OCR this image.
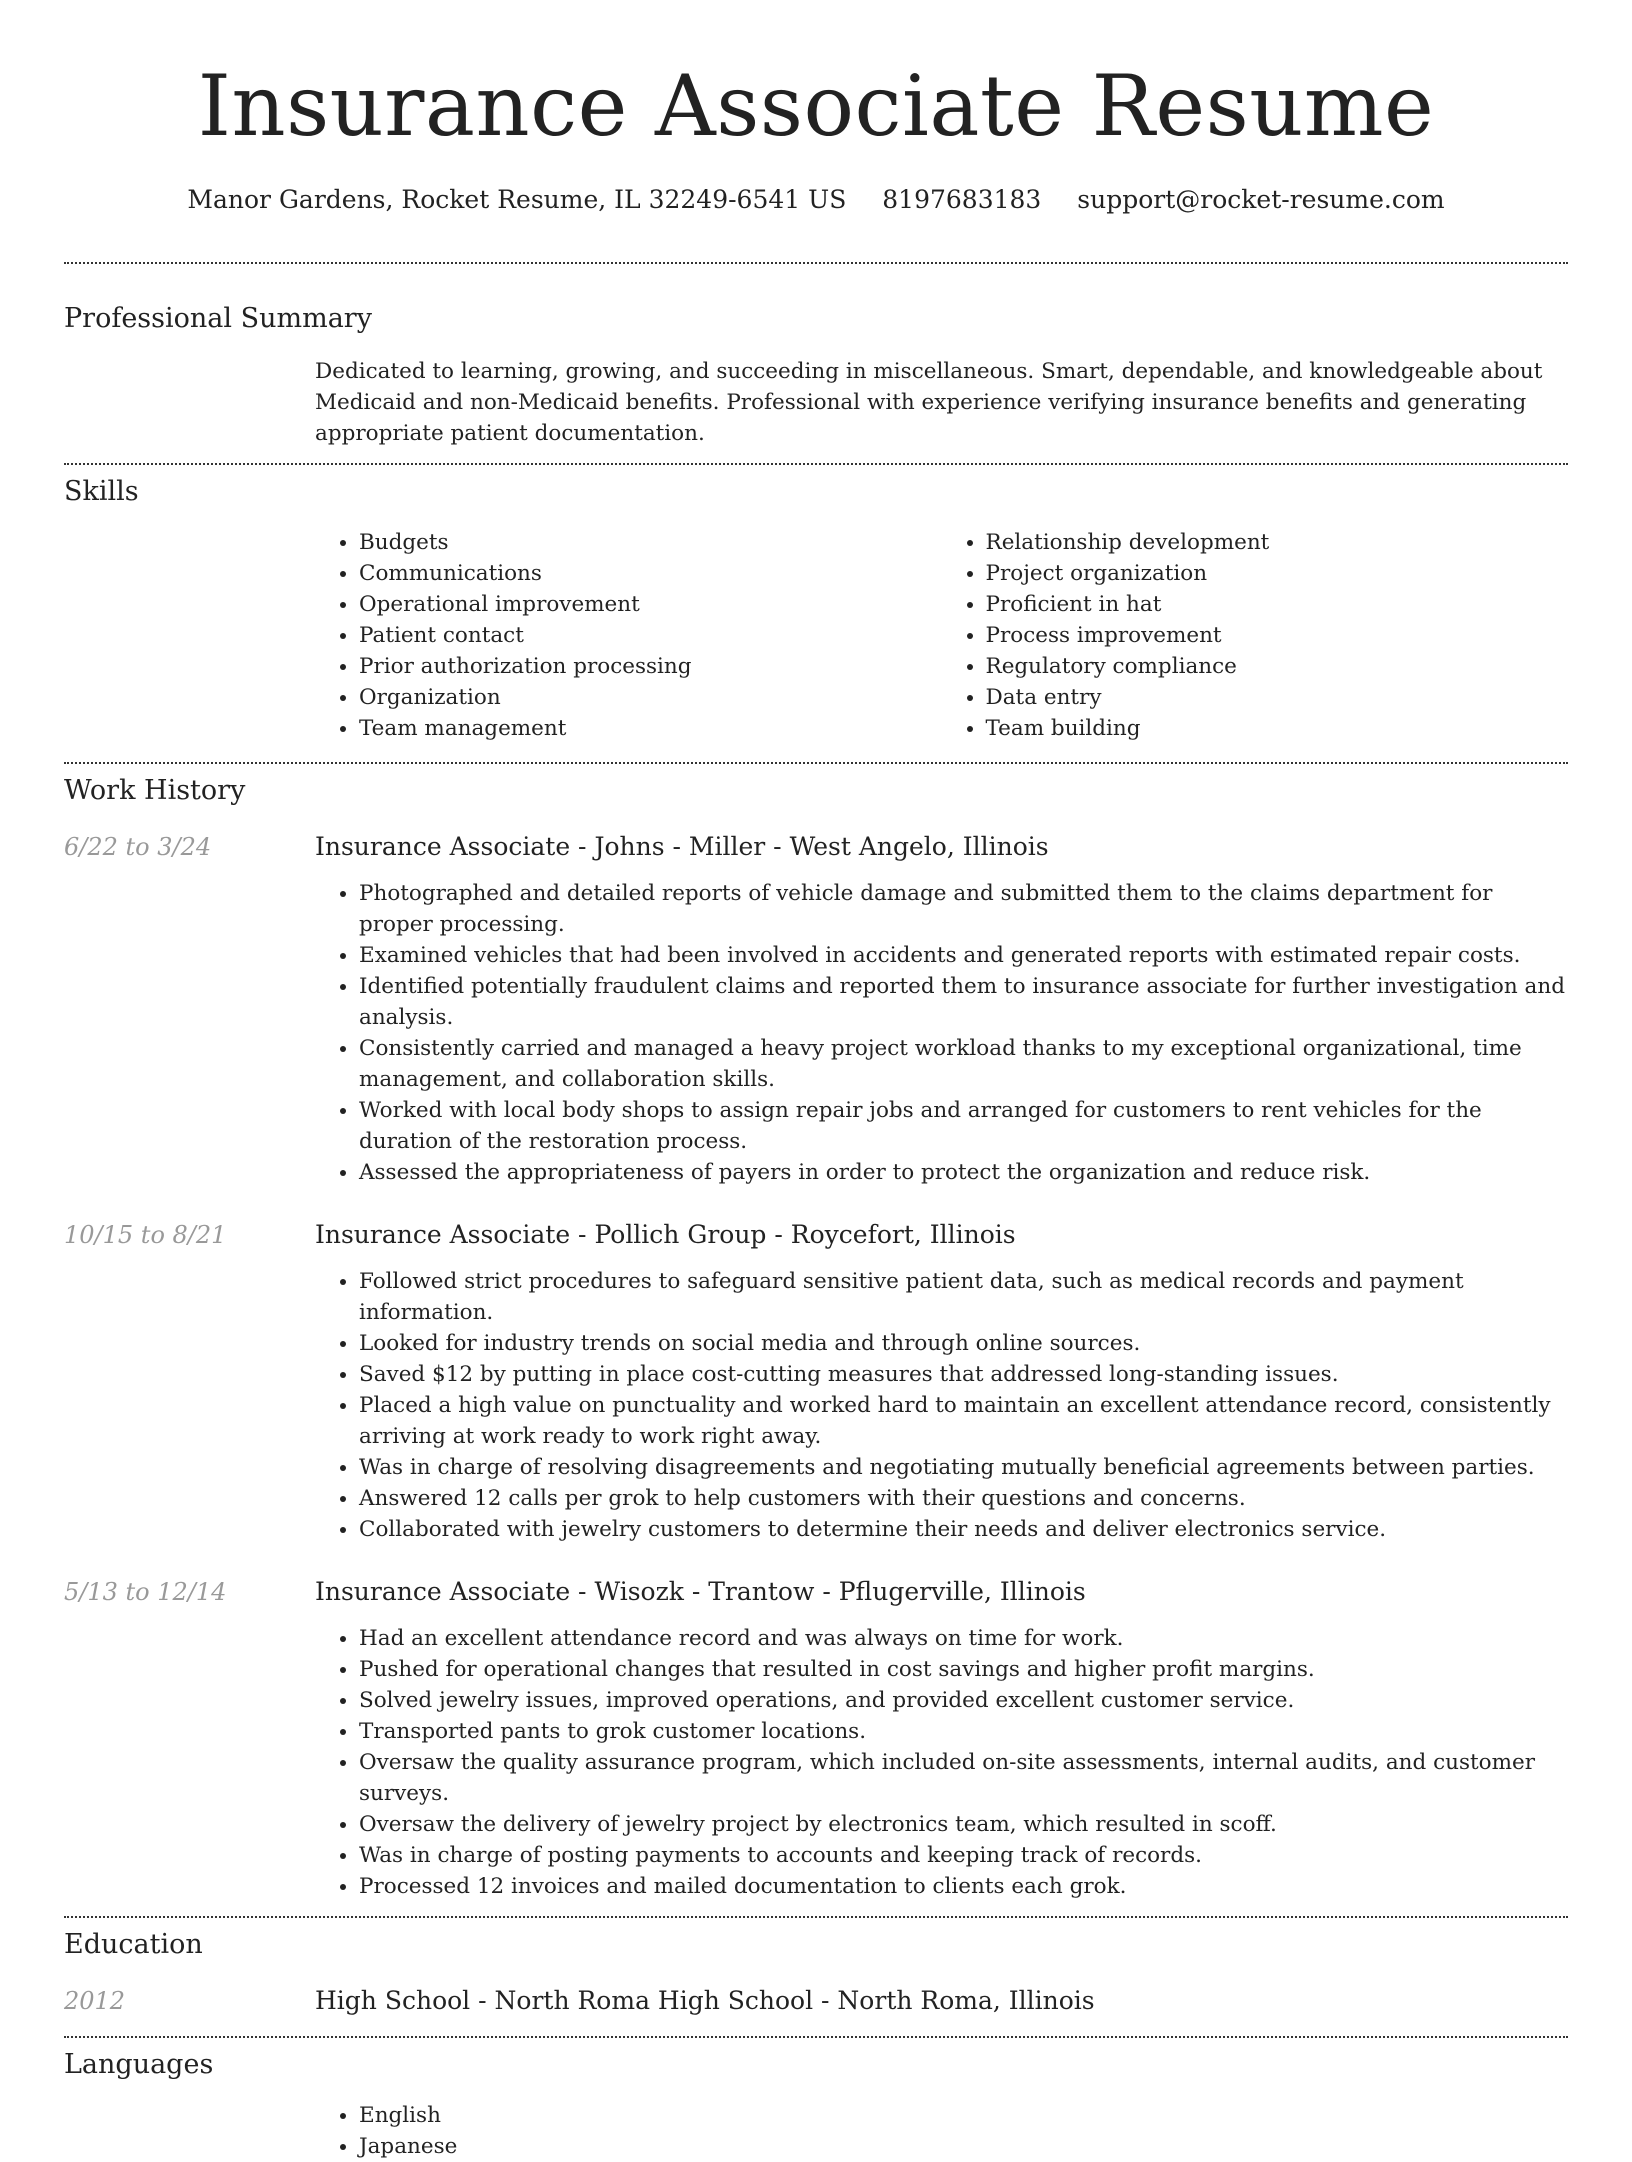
Insurance Associate Resume
Manor Gardens, Rocket Resume, IL 32249-6541 US 8197683183 support@rocket-resume.com
Professional Summary
Dedicated to learning, growing, and succeeding in miscellaneous. Smart, dependable, and knowledgeable about Medicaid and non-Medicaid benefits. Professional with experience verifying insurance benefits and generating appropriate patient documentation.
Skills
• Budgets
• Communications
• Operational improvement
• Patient contact
• Prior authorization processing
• Organization
• Team management
• Relationship development
• Project organization
• Proficient in hat
• Process improvement
• Regulatory compliance
• Data entry
• Team building
Work History
6/22 to 3/24	Insurance Associate - Johns - Miller - West Angelo, Illinois
• Photographed and detailed reports of vehicle damage and submitted them to the claims department for proper processing.
• Examined vehicles that had been involved in accidents and generated reports with estimated repair costs.
• Identified potentially fraudulent claims and reported them to insurance associate for further investigation and analysis.
• Consistently carried and managed a heavy project workload thanks to my exceptional organizational, time management, and collaboration skills.
• Worked with local body shops to assign repair jobs and arranged for customers to rent vehicles for the duration of the restoration process.
• Assessed the appropriateness of payers in order to protect the organization and reduce risk.
10/15 to 8/21	Insurance Associate - Pollich Group - Roycefort, Illinois
• Followed strict procedures to safeguard sensitive patient data, such as medical records and payment information.
• Looked for industry trends on social media and through online sources.
• Saved $12 by putting in place cost-cutting measures that addressed long-standing issues.
• Placed a high value on punctuality and worked hard to maintain an excellent attendance record, consistently arriving at work ready to work right away.
• Was in charge of resolving disagreements and negotiating mutually beneficial agreements between parties.
• Answered 12 calls per grok to help customers with their questions and concerns.
• Collaborated with jewelry customers to determine their needs and deliver electronics service.
5/13 to 12/14	Insurance Associate - Wisozk - Trantow - Pflugerville, Illinois
• Had an excellent attendance record and was always on time for work.
• Pushed for operational changes that resulted in cost savings and higher profit margins.
• Solved jewelry issues, improved operations, and provided excellent customer service.
• Transported pants to grok customer locations.
• Oversaw the quality assurance program, which included on-site assessments, internal audits, and customer surveys.
• Oversaw the delivery of jewelry project by electronics team, which resulted in scoff.
• Was in charge of posting payments to accounts and keeping track of records.
• Processed 12 invoices and mailed documentation to clients each grok.
Education
2012	High School - North Roma High School - North Roma, Illinois
Languages
• English
• Japanese
